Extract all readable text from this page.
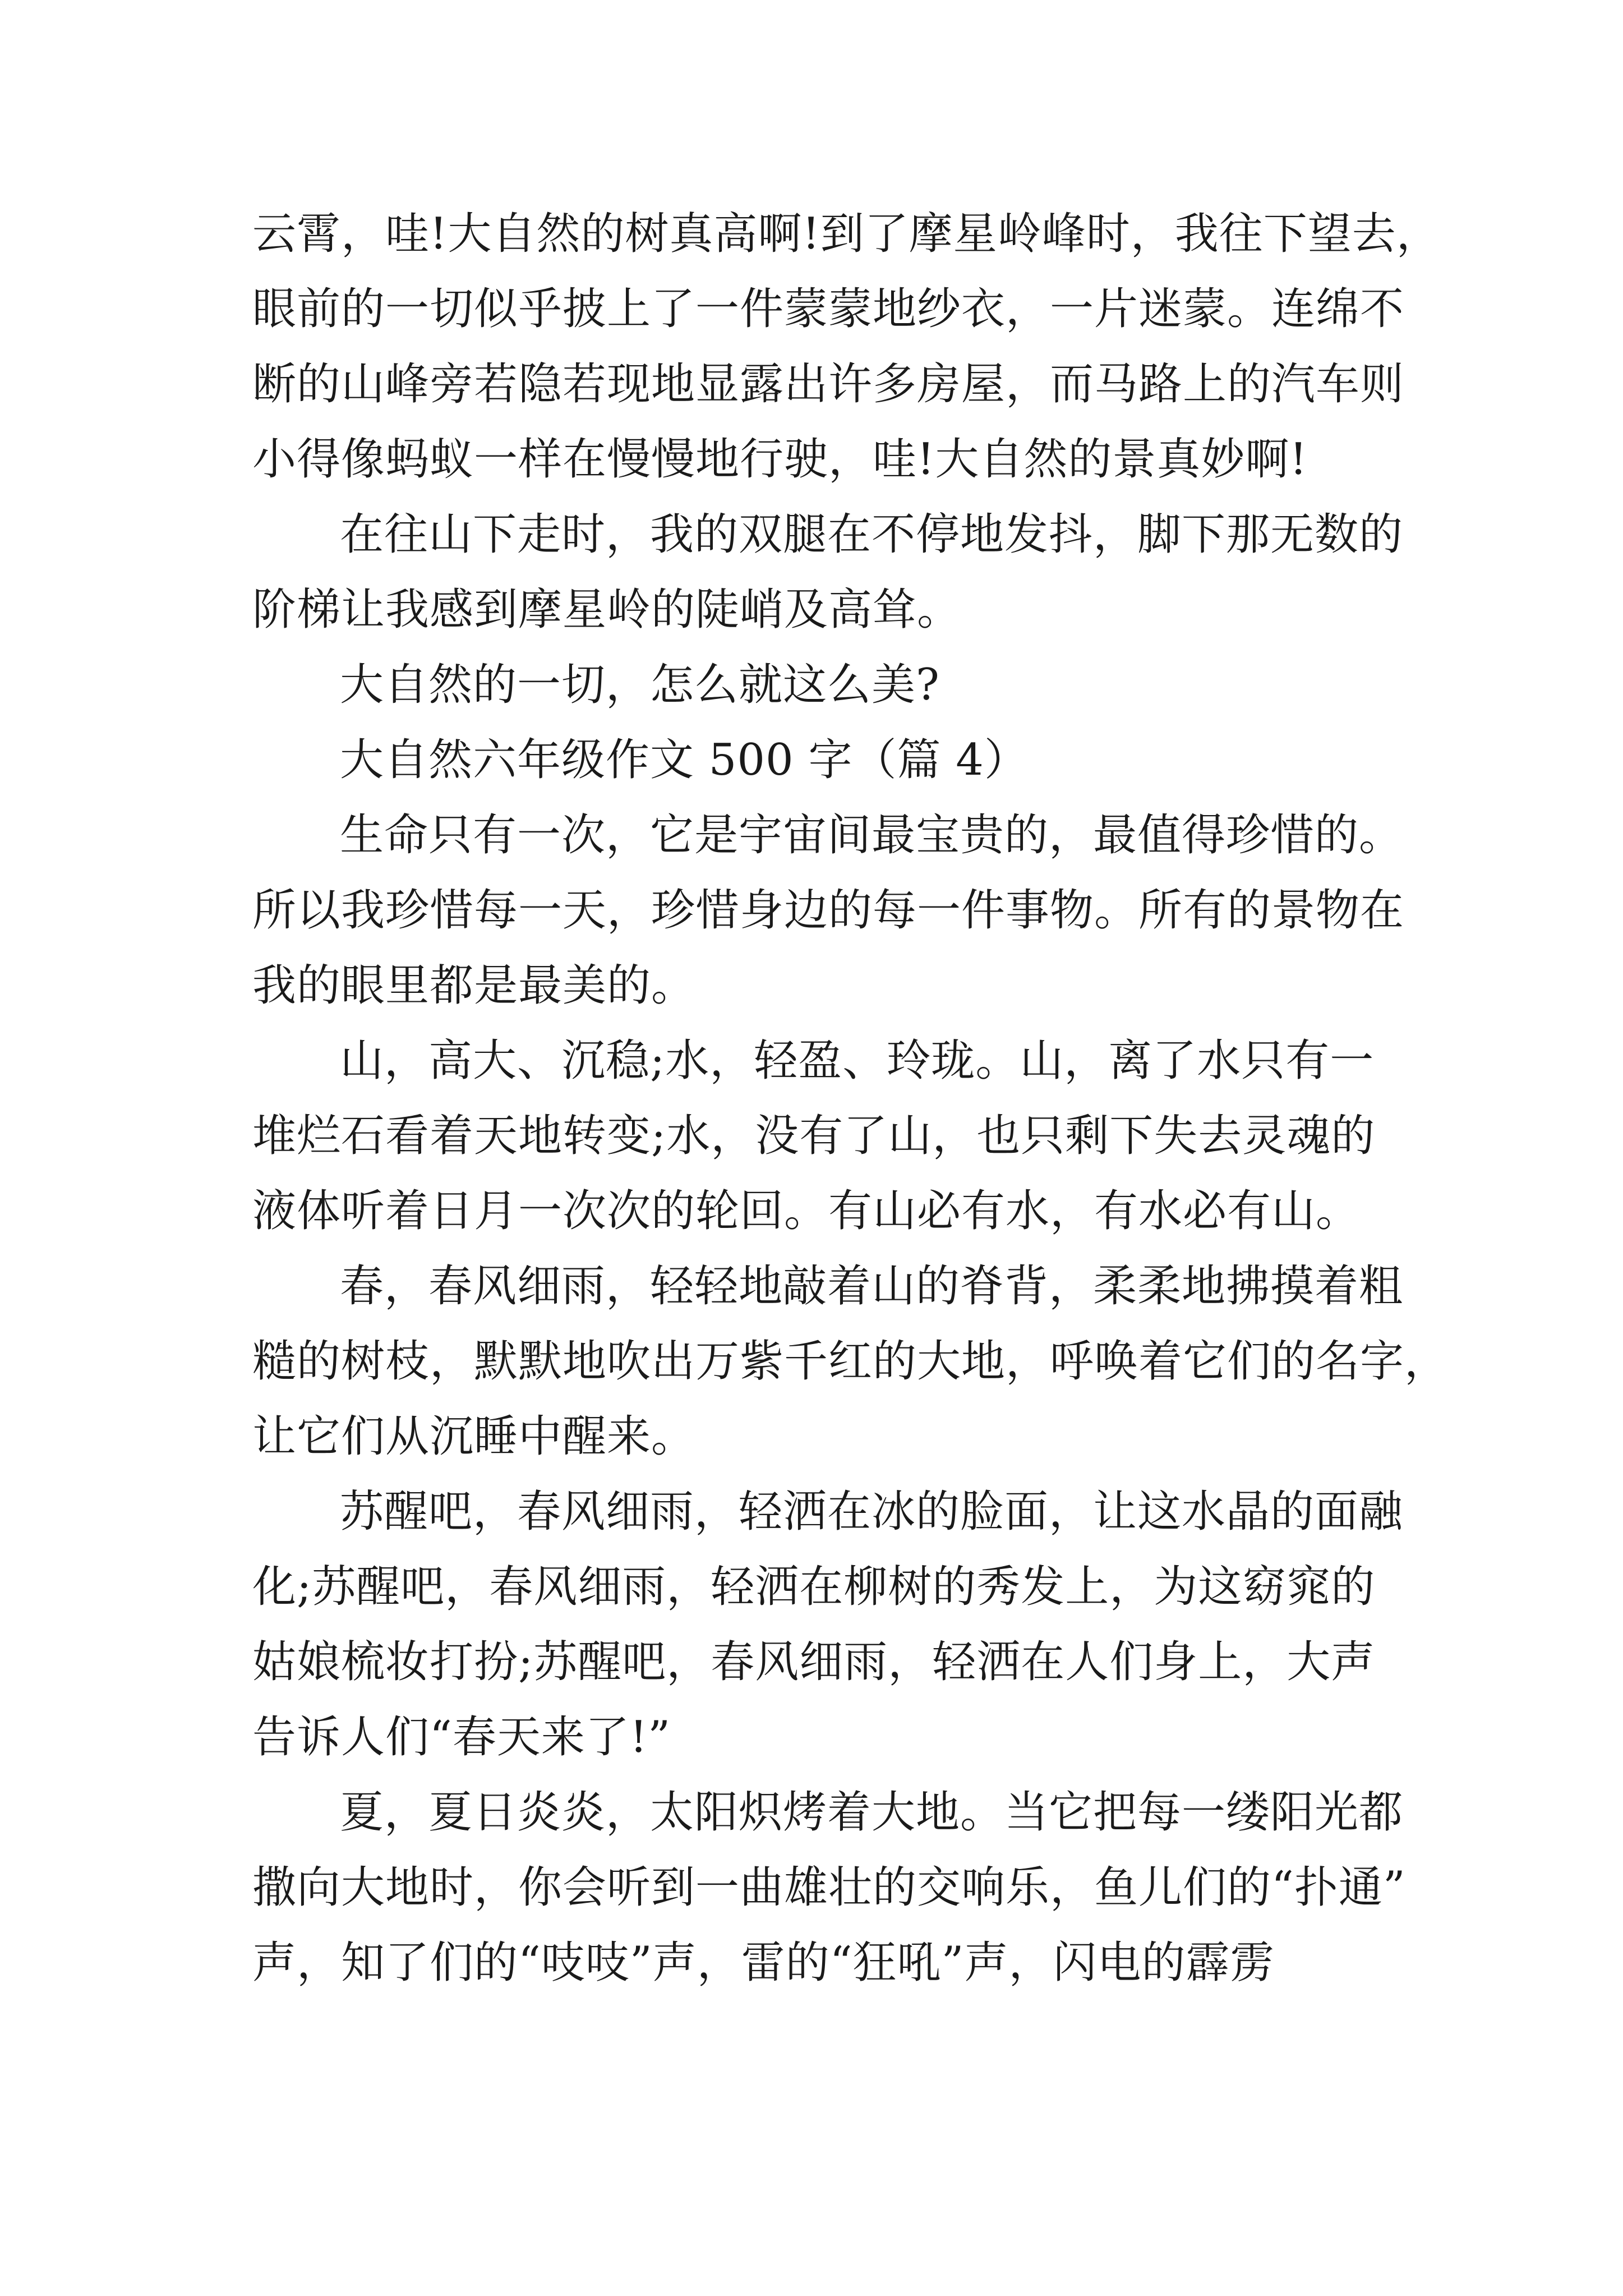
云霄，哇!大自然的树真高啊!到了摩星岭峰时，我往下望去，
眼前的一切似乎披上了一件蒙蒙地纱衣，一片迷蒙。连绵不
断的山峰旁若隐若现地显露出许多房屋，而马路上的汽车则
小得像蚂蚁一样在慢慢地行驶，哇!大自然的景真妙啊!
在往山下走时，我的双腿在不停地发抖，脚下那无数的
阶梯让我感到摩星岭的陡峭及高耸。
大自然的一切，怎么就这么美?
大自然六年级作文 500 字（篇 4）
生命只有一次，它是宇宙间最宝贵的，最值得珍惜的。
所以我珍惜每一天，珍惜身边的每一件事物。所有的景物在
我的眼里都是最美的。
山，高大、沉稳;水，轻盈、玲珑。山，离了水只有一
堆烂石看着天地转变;水，没有了山，也只剩下失去灵魂的
液体听着日月一次次的轮回。有山必有水，有水必有山。
春，春风细雨，轻轻地敲着山的脊背，柔柔地拂摸着粗
糙的树枝，默默地吹出万紫千红的大地，呼唤着它们的名字，
让它们从沉睡中醒来。
苏醒吧，春风细雨，轻洒在冰的脸面，让这水晶的面融
化;苏醒吧，春风细雨，轻洒在柳树的秀发上，为这窈窕的
姑娘梳妆打扮;苏醒吧，春风细雨，轻洒在人们身上，大声
告诉人们“春天来了!”
夏，夏日炎炎，太阳炽烤着大地。当它把每一缕阳光都
撒向大地时，你会听到一曲雄壮的交响乐，鱼儿们的“扑通”
声，知了们的“吱吱”声，雷的“狂吼”声，闪电的霹雳
